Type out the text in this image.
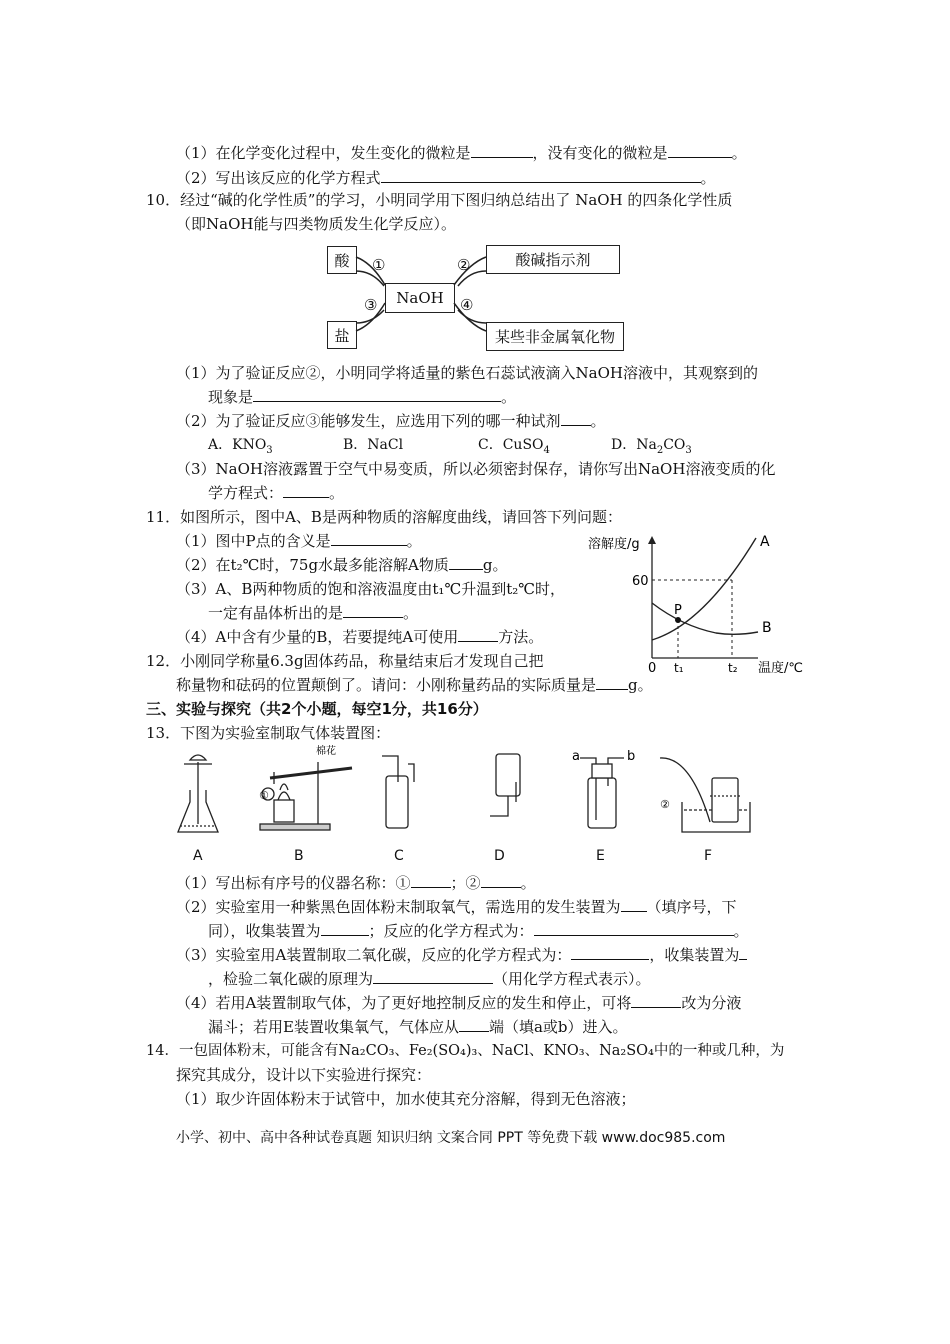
（1）在化学变化过程中，发生变化的微粒是	，没有变化的微粒是	。
（2）写出该反应的化学方程式	。
10．经过“碱的化学性质”的学习，小明同学用下图归纳总结出了 NaOH 的四条化学性质
（即NaOH能与四类物质发生化学反应）。
酸	酸碱指示剂
NaOH
盐	某些非金属氧化物
①	②
③	④
（1）为了验证反应②，小明同学将适量的紫色石蕊试液滴入NaOH溶液中，其观察到的
现象是	。
（2）为了验证反应③能够发生，应选用下列的哪一种试剂 。
A．$KNO_3$	B．NaCl	C．CuSO$_4$	D．$Na_2CO_3$
（3）NaOH溶液露置于空气中易变质，所以必须密封保存，请你写出NaOH溶液变质的化
学方程式：	。
11．如图所示，图中A、B是两种物质的溶解度曲线，请回答下列问题：
（1）图中P点的含义是	。
（2）在t₂℃时，75g水最多能溶解A物质 g。
（3）A、B两种物质的饱和溶液温度由t₁℃升温到t₂℃时，
一定有晶体析出的是	。
（4）A中含有少量的B，若要提纯A可使用	方法。
溶解度/g
60
P
A
B
0 t₁	t₂ 温度/℃
12．小刚同学称量6.3g固体药品，称量结束后才发现自己把
称量物和砝码的位置颠倒了。请问：小刚称量药品的实际质量是 g。
三、实验与探究（共2个小题，每空1分，共16分）
13．下图为实验室制取气体装置图：
①
棉花	a	b
②
A	B	C	D	E	F
（1）写出标有序号的仪器名称：①	；②	。
（2）实验室用一种紫黑色固体粉末制取氧气，需选用的发生装置为 （填序号，下
同），收集装置为	；反应的化学方程式为：	。
（3）实验室用A装置制取二氧化碳，反应的化学方程式为：	，收集装置为
，检验二氧化碳的原理为	（用化学方程式表示）。
（4）若用A装置制取气体，为了更好地控制反应的发生和停止，可将	改为分液
漏斗；若用E装置收集氧气，气体应从 端（填a或b）进入。
14．一包固体粉末，可能含有Na₂CO₃、Fe₂(SO₄)₃、NaCl、KNO₃、Na₂SO₄中的一种或几种，为
探究其成分，设计以下实验进行探究：
（1）取少许固体粉末于试管中，加水使其充分溶解，得到无色溶液；
小学、初中、高中各种试卷真题 知识归纳 文案合同 PPT 等免费下载 www.doc985.com
